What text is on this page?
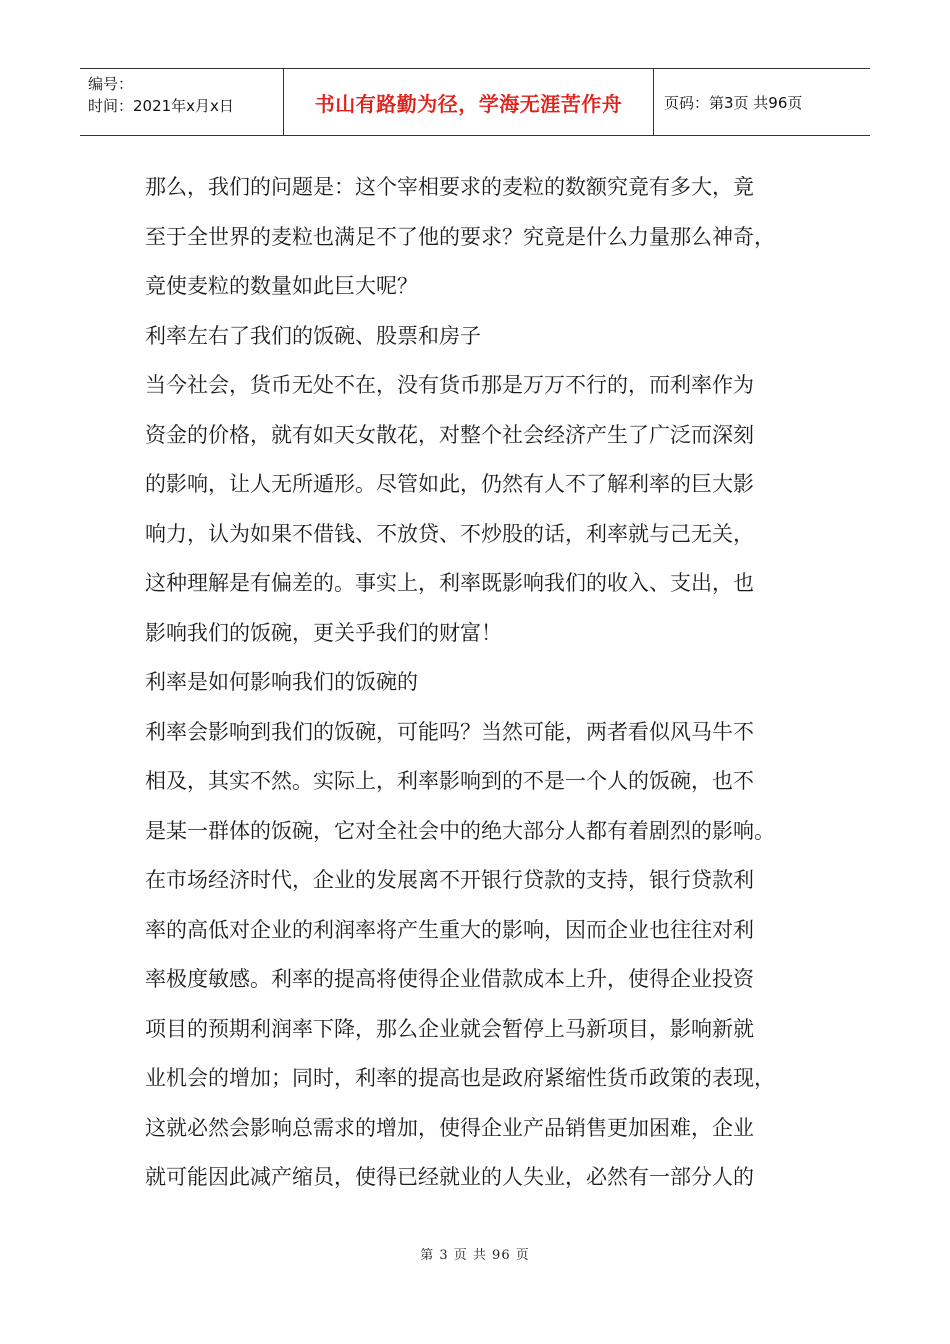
编号：
时间：2021年x月x日	书山有路勤为径，学海无涯苦作舟	页码：第3页 共96页
那么，我们的问题是：这个宰相要求的麦粒的数额究竟有多大，竟
至于全世界的麦粒也满足不了他的要求？究竟是什么力量那么神奇，
竟使麦粒的数量如此巨大呢？
利率左右了我们的饭碗、股票和房子
当今社会，货币无处不在，没有货币那是万万不行的，而利率作为
资金的价格，就有如天女散花，对整个社会经济产生了广泛而深刻
的影响，让人无所遁形。尽管如此，仍然有人不了解利率的巨大影
响力，认为如果不借钱、不放贷、不炒股的话，利率就与己无关，
这种理解是有偏差的。事实上，利率既影响我们的收入、支出，也
影响我们的饭碗，更关乎我们的财富！
利率是如何影响我们的饭碗的
利率会影响到我们的饭碗，可能吗？当然可能，两者看似风马牛不
相及，其实不然。实际上，利率影响到的不是一个人的饭碗，也不
是某一群体的饭碗，它对全社会中的绝大部分人都有着剧烈的影响。
在市场经济时代，企业的发展离不开银行贷款的支持，银行贷款利
率的高低对企业的利润率将产生重大的影响，因而企业也往往对利
率极度敏感。利率的提高将使得企业借款成本上升，使得企业投资
项目的预期利润率下降，那么企业就会暂停上马新项目，影响新就
业机会的增加；同时，利率的提高也是政府紧缩性货币政策的表现，
这就必然会影响总需求的增加，使得企业产品销售更加困难，企业
就可能因此减产缩员，使得已经就业的人失业，必然有一部分人的
第 3 页 共 96 页
